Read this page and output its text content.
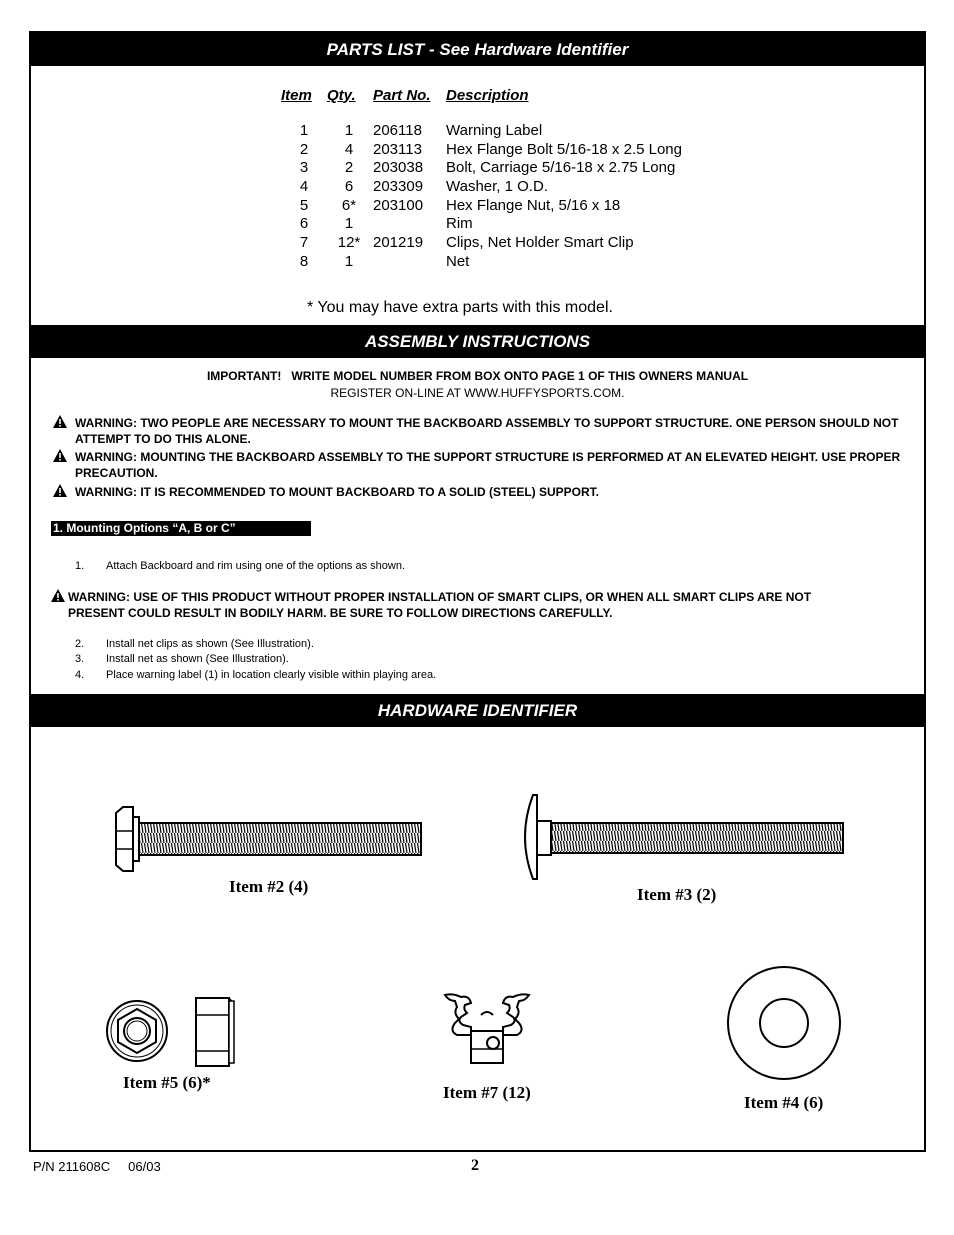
PARTS LIST - See Hardware Identifier
Item	Qty.	Part No.	Description

1	1	206118	Warning Label
2	4	203113	Hex Flange Bolt 5/16-18 x 2.5 Long
3	2	203038	Bolt, Carriage 5/16-18 x 2.75 Long
4	6	203309	Washer, 1 O.D.
5	6*	203100	Hex Flange Nut, 5/16 x 18
6	1		Rim
7	12*	201219	Clips, Net Holder Smart Clip
8	1		Net
* You may have extra parts with this model.
ASSEMBLY INSTRUCTIONS
IMPORTANT! WRITE MODEL NUMBER FROM BOX ONTO PAGE 1 OF THIS OWNERS MANUAL
REGISTER ON-LINE AT WWW.HUFFYSPORTS.COM.
WARNING: TWO PEOPLE ARE NECESSARY TO MOUNT THE BACKBOARD ASSEMBLY TO SUPPORT STRUCTURE. ONE PERSON SHOULD NOT ATTEMPT TO DO THIS ALONE.
WARNING: MOUNTING THE BACKBOARD ASSEMBLY TO THE SUPPORT STRUCTURE IS PERFORMED AT AN ELEVATED HEIGHT. USE PROPER PRECAUTION.
WARNING: IT IS RECOMMENDED TO MOUNT BACKBOARD TO A SOLID (STEEL) SUPPORT.
1. Mounting Options “A, B or C”
1. Attach Backboard and rim using one of the options as shown.
WARNING: USE OF THIS PRODUCT WITHOUT PROPER INSTALLATION OF SMART CLIPS, OR WHEN ALL SMART CLIPS ARE NOT PRESENT COULD RESULT IN BODILY HARM. BE SURE TO FOLLOW DIRECTIONS CAREFULLY.
2. Install net clips as shown (See Illustration).
3. Install net as shown (See Illustration).
4. Place warning label (1) in location clearly visible within playing area.
HARDWARE IDENTIFIER
Item #2 (4)	Item #3 (2)
Item #5 (6)*
Item #7 (12)
Item #4 (6)
P/N 211608C     06/03	2
